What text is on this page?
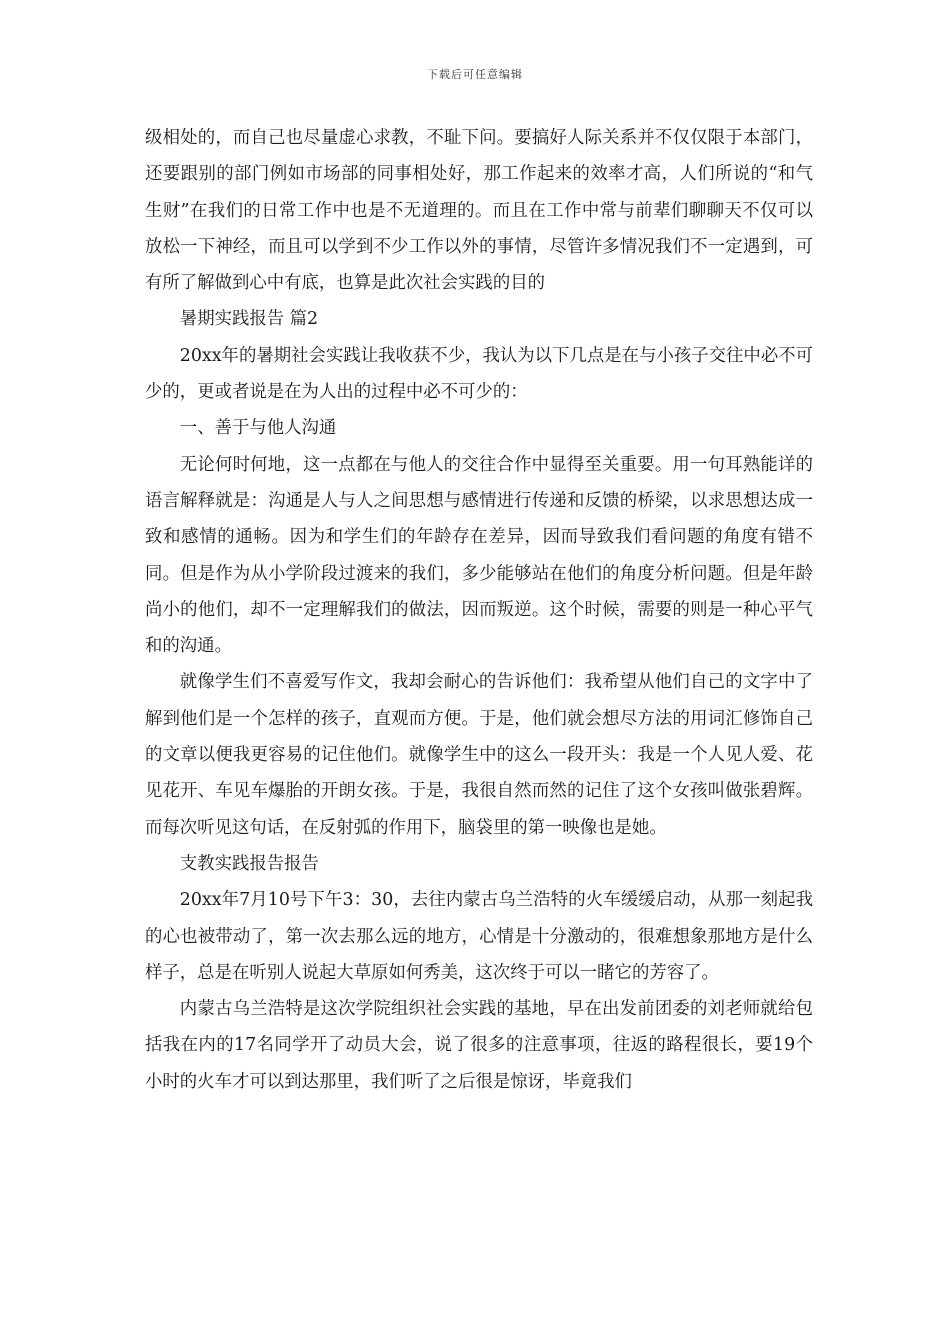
下载后可任意编辑

级相处的，而自己也尽量虚心求教，不耻下问。要搞好人际关系并不仅仅限于本部门，还要跟别的部门例如市场部的同事相处好，那工作起来的效率才高，人们所说的“和气生财”在我们的日常工作中也是不无道理的。而且在工作中常与前辈们聊聊天不仅可以放松一下神经，而且可以学到不少工作以外的事情，尽管许多情况我们不一定遇到，可有所了解做到心中有底，也算是此次社会实践的目的

暑期实践报告 篇2

20xx年的暑期社会实践让我收获不少，我认为以下几点是在与小孩子交往中必不可少的，更或者说是在为人出的过程中必不可少的：

一、善于与他人沟通

无论何时何地，这一点都在与他人的交往合作中显得至关重要。用一句耳熟能详的语言解释就是：沟通是人与人之间思想与感情进行传递和反馈的桥梁，以求思想达成一致和感情的通畅。因为和学生们的年龄存在差异，因而导致我们看问题的角度有错不同。但是作为从小学阶段过渡来的我们，多少能够站在他们的角度分析问题。但是年龄尚小的他们，却不一定理解我们的做法，因而叛逆。这个时候，需要的则是一种心平气和的沟通。

就像学生们不喜爱写作文，我却会耐心的告诉他们：我希望从他们自己的文字中了解到他们是一个怎样的孩子，直观而方便。于是，他们就会想尽方法的用词汇修饰自己的文章以便我更容易的记住他们。就像学生中的这么一段开头：我是一个人见人爱、花见花开、车见车爆胎的开朗女孩。于是，我很自然而然的记住了这个女孩叫做张碧辉。而每次听见这句话，在反射弧的作用下，脑袋里的第一映像也是她。

支教实践报告报告

20xx年7月10号下午3：30，去往内蒙古乌兰浩特的火车缓缓启动，从那一刻起我的心也被带动了，第一次去那么远的地方，心情是十分激动的，很难想象那地方是什么样子，总是在听别人说起大草原如何秀美，这次终于可以一睹它的芳容了。

内蒙古乌兰浩特是这次学院组织社会实践的基地，早在出发前团委的刘老师就给包括我在内的17名同学开了动员大会，说了很多的注意事项，往返的路程很长，要19个小时的火车才可以到达那里，我们听了之后很是惊讶，毕竟我们
